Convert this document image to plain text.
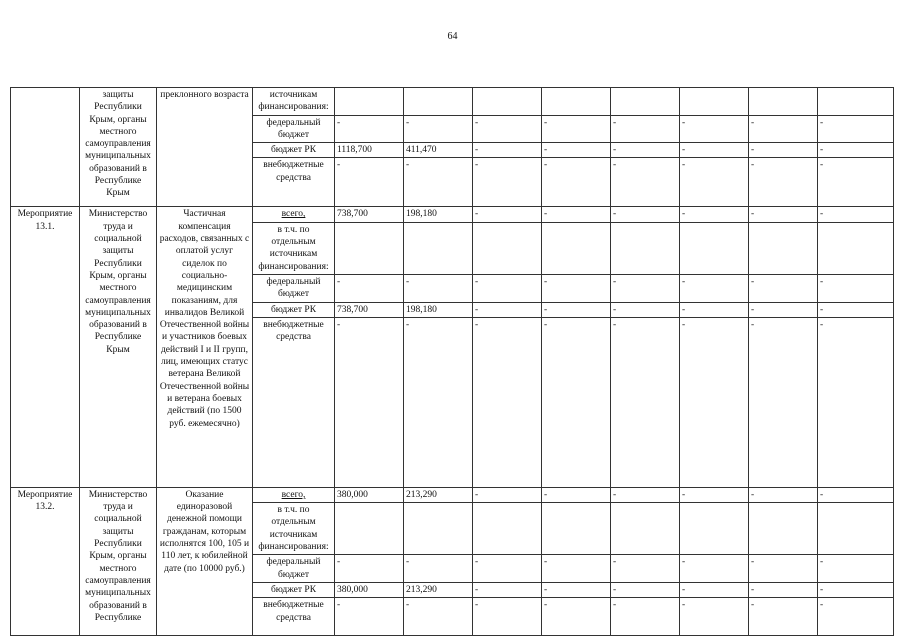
64
	защиты Республики Крым, органы местного самоуправления муниципальных образований в Республике Крым	преклонного возраста	источникам финансирования:								
			федеральный бюджет	-	-	-	-	-	-	-	-
			бюджет РК	1118,700	411,470	-	-	-	-	-	-
			внебюджетные средства	-	-	-	-	-	-	-	-
Мероприятие 13.1.	Министерство труда и социальной защиты Республики Крым, органы местного самоуправления муниципальных образований в Республике Крым	Частичная компенсация расходов, связанных с оплатой услуг сиделок по социально-медицинским показаниям, для инвалидов Великой Отечественной войны и участников боевых действий I и II групп, лиц, имеющих статус ветерана Великой Отечественной войны и ветерана боевых действий (по 1500 руб. ежемесячно)	всего,	738,700	198,180	-	-	-	-	-	-
			в т.ч. по отдельным источникам финансирования:								
			федеральный бюджет	-	-	-	-	-	-	-	-
			бюджет РК	738,700	198,180	-	-	-	-	-	-
			внебюджетные средства	-	-	-	-	-	-	-	-
Мероприятие 13.2.	Министерство труда и социальной защиты Республики Крым, органы местного самоуправления муниципальных образований в Республике	Оказание единоразовой денежной помощи гражданам, которым исполнятся 100, 105 и 110 лет, к юбилейной дате (по 10000 руб.)	всего,	380,000	213,290	-	-	-	-	-	-
			в т.ч. по отдельным источникам финансирования:								
			федеральный бюджет	-	-	-	-	-	-	-	-
			бюджет РК	380,000	213,290	-	-	-	-	-	-
			внебюджетные средства	-	-	-	-	-	-	-	-
